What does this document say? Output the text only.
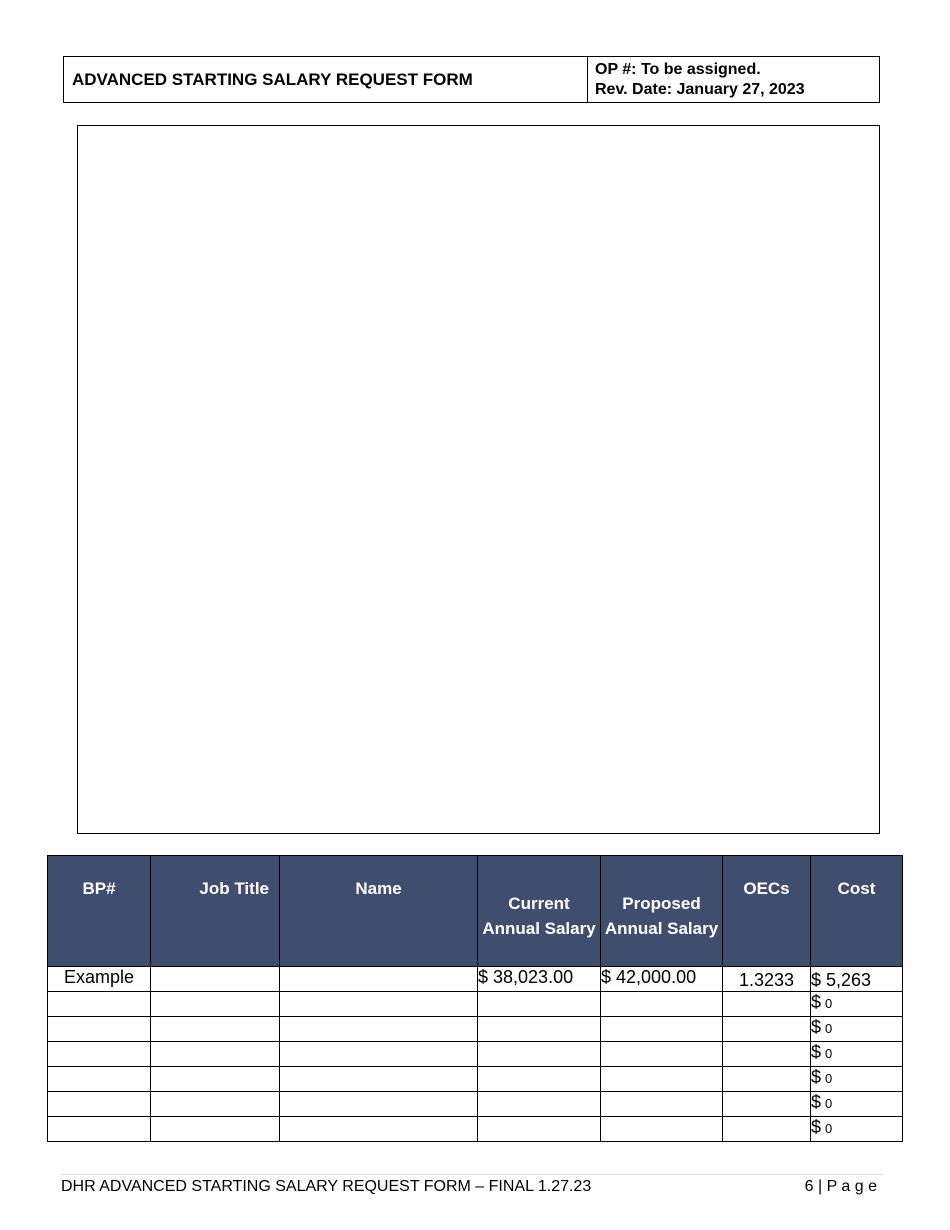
ADVANCED STARTING SALARY REQUEST FORM	OP #: To be assigned.
Rev. Date: January 27, 2023
BP#	Job Title	Name	Current Annual Salary	Proposed Annual Salary	OECs	Cost
Example			$ 38,023.00	$ 42,000.00	1.3233	$ 5,263
						$ 0
						$ 0
						$ 0
						$ 0
						$ 0
						$ 0
DHR ADVANCED STARTING SALARY REQUEST FORM – FINAL 1.27.23	6 | P a g e
